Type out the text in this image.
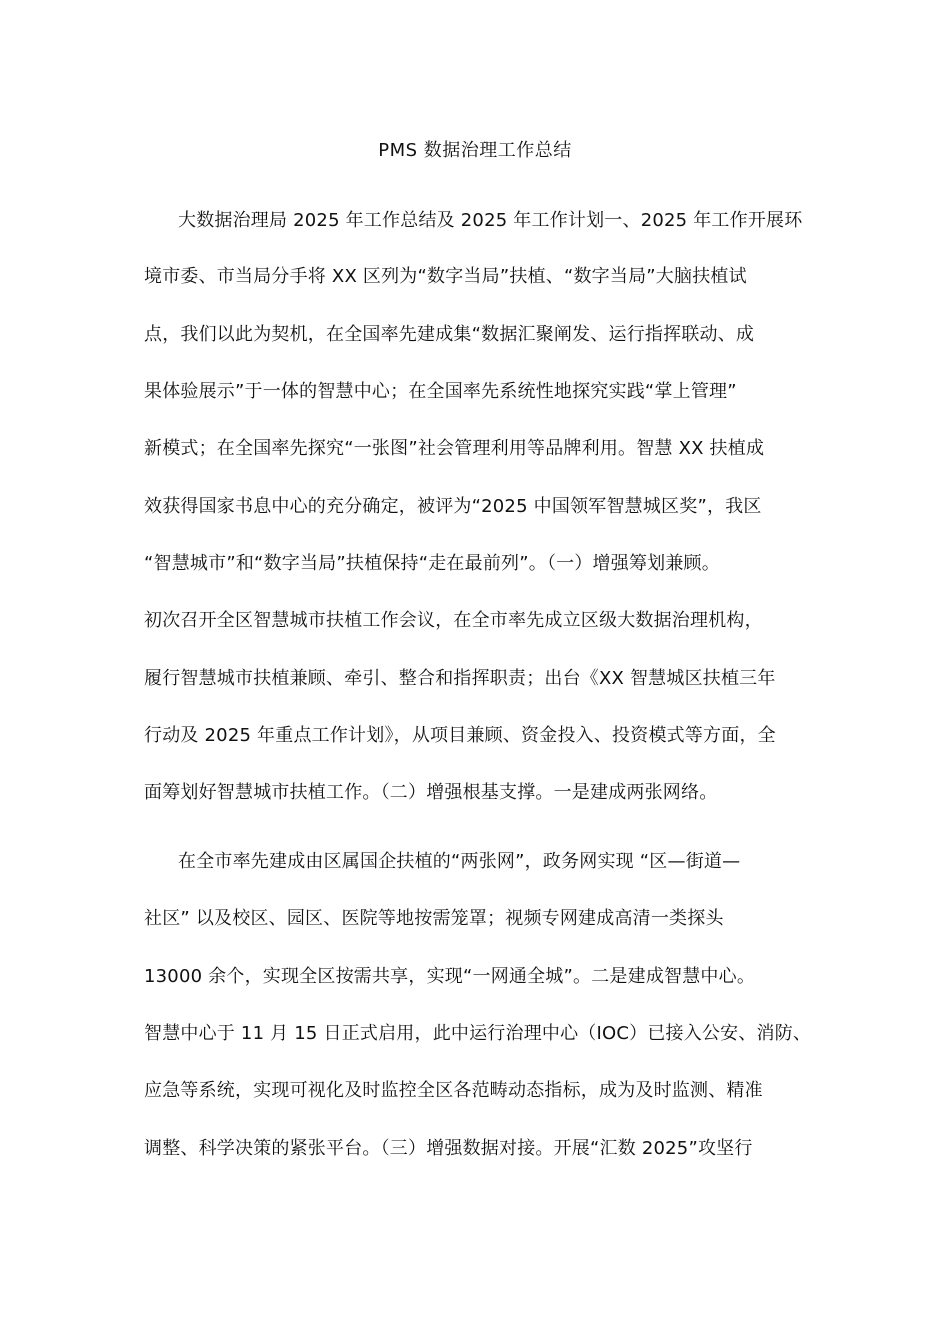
PMS 数据治理工作总结
大数据治理局 2025 年工作总结及 2025 年工作计划一、2025 年工作开展环
境市委、市当局分手将 XX 区列为“数字当局”扶植、“数字当局”大脑扶植试
点，我们以此为契机，在全国率先建成集“数据汇聚阐发、运行指挥联动、成
果体验展示”于一体的智慧中心；在全国率先系统性地探究实践“掌上管理”
新模式；在全国率先探究“一张图”社会管理利用等品牌利用。智慧 XX 扶植成
效获得国家书息中心的充分确定，被评为“2025 中国领军智慧城区奖”，我区
“智慧城市”和“数字当局”扶植保持“走在最前列”。（一）增强筹划兼顾。
初次召开全区智慧城市扶植工作会议，在全市率先成立区级大数据治理机构，
履行智慧城市扶植兼顾、牵引、整合和指挥职责；出台《XX 智慧城区扶植三年
行动及 2025 年重点工作计划》，从项目兼顾、资金投入、投资模式等方面，全
面筹划好智慧城市扶植工作。（二）增强根基支撑。一是建成两张网络。
在全市率先建成由区属国企扶植的“两张网”，政务网实现 “区—街道—
社区” 以及校区、园区、医院等地按需笼罩；视频专网建成高清一类探头
13000 余个，实现全区按需共享，实现“一网通全城”。二是建成智慧中心。
智慧中心于 11 月 15 日正式启用，此中运行治理中心（IOC）已接入公安、消防、
应急等系统，实现可视化及时监控全区各范畴动态指标，成为及时监测、精准
调整、科学决策的紧张平台。（三）增强数据对接。开展“汇数 2025”攻坚行
